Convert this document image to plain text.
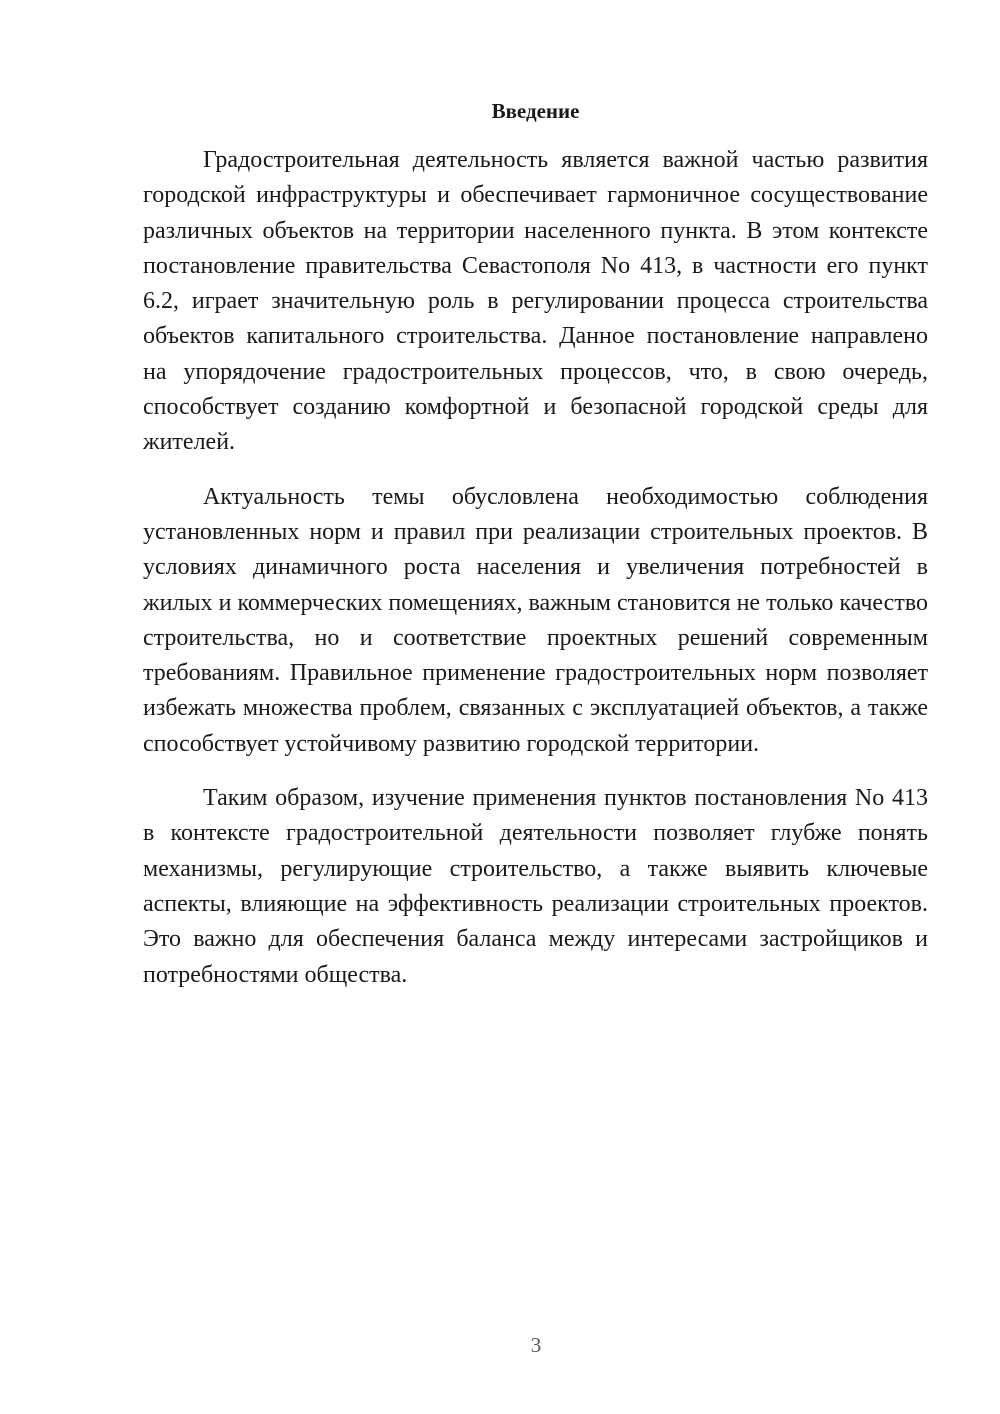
Введение

Градостроительная деятельность является важной частью развития городской инфраструктуры и обеспечивает гармоничное сосуществование различных объектов на территории населенного пункта. В этом контексте постановление правительства Севастополя No 413, в частности его пункт 6.2, играет значительную роль в регулировании процесса строительства объектов капитального строительства. Данное постановление направлено на упорядочение градостроительных процессов, что, в свою очередь, способствует созданию комфортной и безопасной городской среды для жителей.

Актуальность темы обусловлена необходимостью соблюдения установленных норм и правил при реализации строительных проектов. В условиях динамичного роста населения и увеличения потребностей в жилых и коммерческих помещениях, важным становится не только качество строительства, но и соответствие проектных решений современным требованиям. Правильное применение градостроительных норм позволяет избежать множества проблем, связанных с эксплуатацией объектов, а также способствует устойчивому развитию городской территории.

Таким образом, изучение применения пунктов постановления No 413 в контексте градостроительной деятельности позволяет глубже понять механизмы, регулирующие строительство, а также выявить ключевые аспекты, влияющие на эффективность реализации строительных проектов. Это важно для обеспечения баланса между интересами застройщиков и потребностями общества.

3
